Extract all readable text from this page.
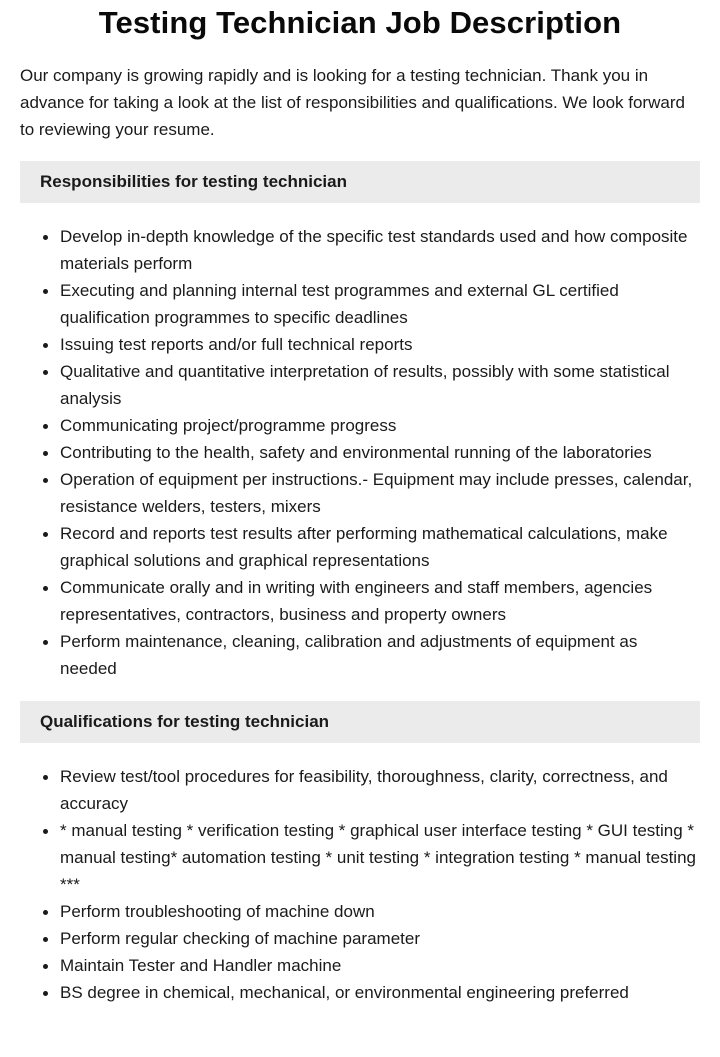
Testing Technician Job Description

Our company is growing rapidly and is looking for a testing technician. Thank you in advance for taking a look at the list of responsibilities and qualifications. We look forward to reviewing your resume.

Responsibilities for testing technician
Develop in-depth knowledge of the specific test standards used and how composite materials perform
Executing and planning internal test programmes and external GL certified qualification programmes to specific deadlines
Issuing test reports and/or full technical reports
Qualitative and quantitative interpretation of results, possibly with some statistical analysis
Communicating project/programme progress
Contributing to the health, safety and environmental running of the laboratories
Operation of equipment per instructions.- Equipment may include presses, calendar, resistance welders, testers, mixers
Record and reports test results after performing mathematical calculations, make graphical solutions and graphical representations
Communicate orally and in writing with engineers and staff members, agencies representatives, contractors, business and property owners
Perform maintenance, cleaning, calibration and adjustments of equipment as needed
Qualifications for testing technician
Review test/tool procedures for feasibility, thoroughness, clarity, correctness, and accuracy
* manual testing * verification testing * graphical user interface testing * GUI testing * manual testing* automation testing * unit testing * integration testing * manual testing ***
Perform troubleshooting of machine down
Perform regular checking of machine parameter
Maintain Tester and Handler machine
BS degree in chemical, mechanical, or environmental engineering preferred
